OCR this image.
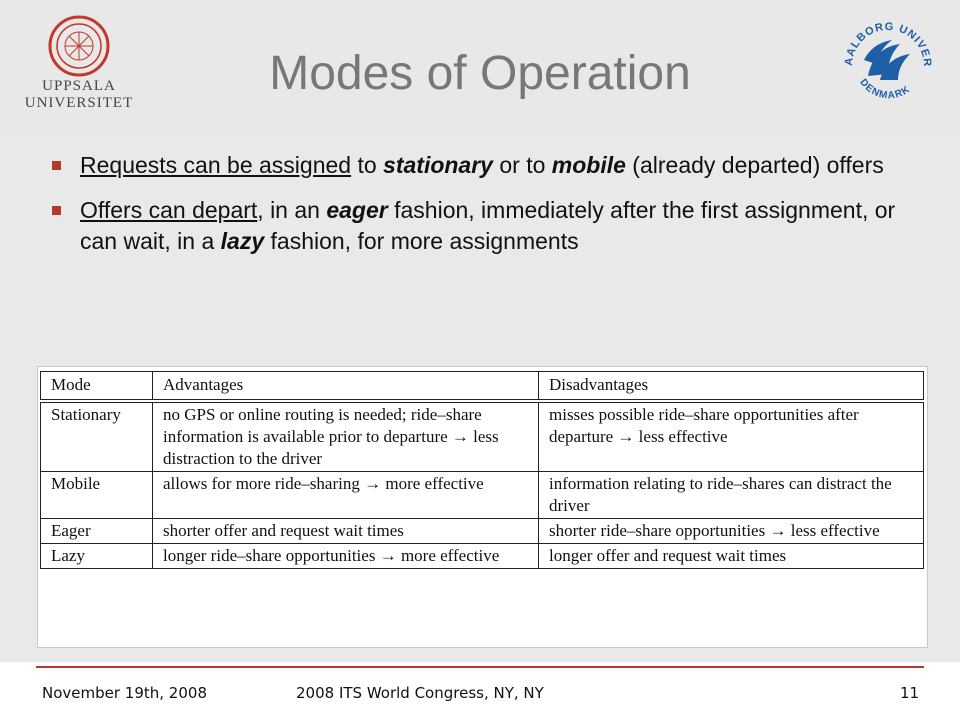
UPPSALA
UNIVERSITET
Modes of Operation	AALBORG UNIVER
DENMARK
Requests can be assigned to stationary or to mobile (already departed) offers
Offers can depart, in an eager fashion, immediately after the first assignment, or can wait, in a lazy fashion, for more assignments
Mode	Advantages	Disadvantages
Stationary	no GPS or online routing is needed; ride–share information is available prior to departure → less distraction to the driver	misses possible ride–share opportunities after departure → less effective
Mobile	allows for more ride–sharing → more effective	information relating to ride–shares can distract the driver
Eager	shorter offer and request wait times	shorter ride–share opportunities → less effective
Lazy	longer ride–share opportunities → more effective	longer offer and request wait times
November 19th, 2008	2008 ITS World Congress, NY, NY	11
